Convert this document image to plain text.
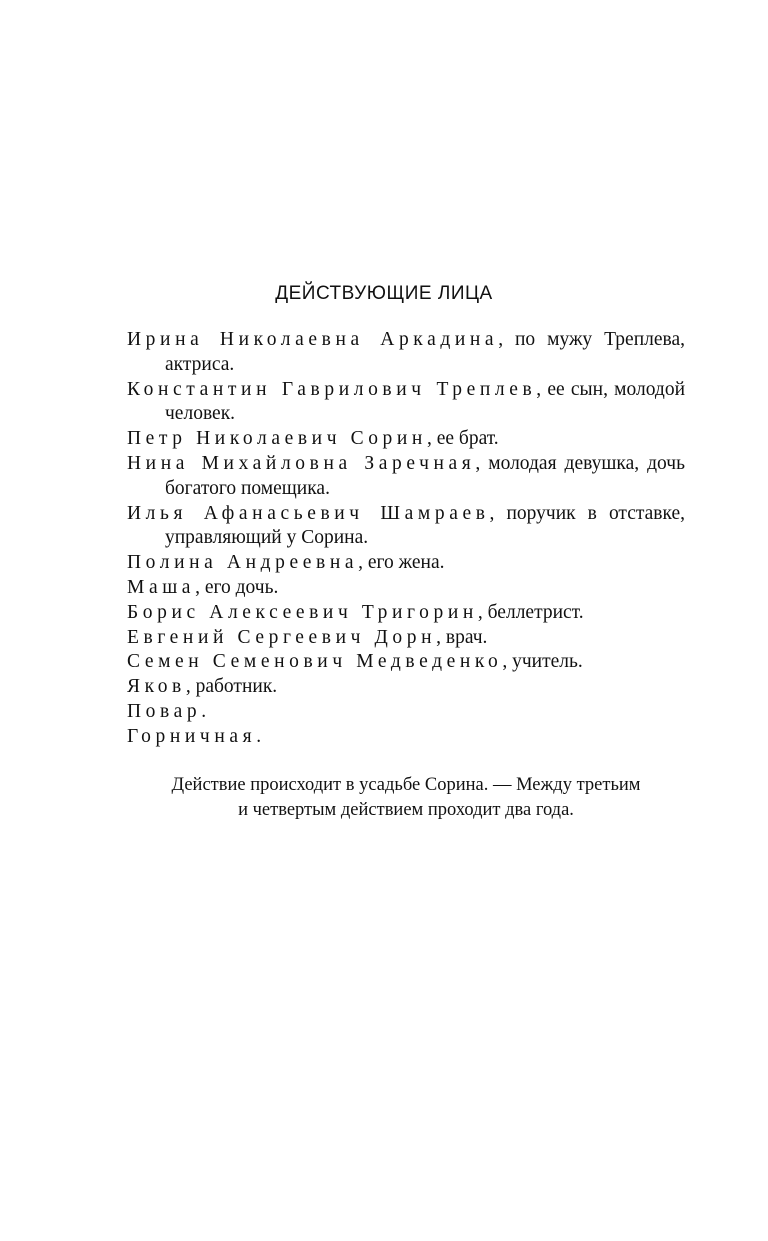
ДЕЙСТВУЮЩИЕ ЛИЦА
Ирина Николаевна Аркадина, по мужу Треплева, актриса.
Константин Гаврилович Треплев, ее сын, молодой человек.
Петр Николаевич Сорин, ее брат.
Нина Михайловна Заречная, молодая девушка, дочь богатого помещика.
Илья Афанасьевич Шамраев, поручик в отставке, управляющий у Сорина.
Полина Андреевна, его жена.
Маша, его дочь.
Борис Алексеевич Тригорин, беллетрист.
Евгений Сергеевич Дорн, врач.
Семен Семенович Медведенко, учитель.
Яков, работник.
Повар.
Горничная.

Действие происходит в усадьбе Сорина. — Между третьим
и четвертым действием проходит два года.
